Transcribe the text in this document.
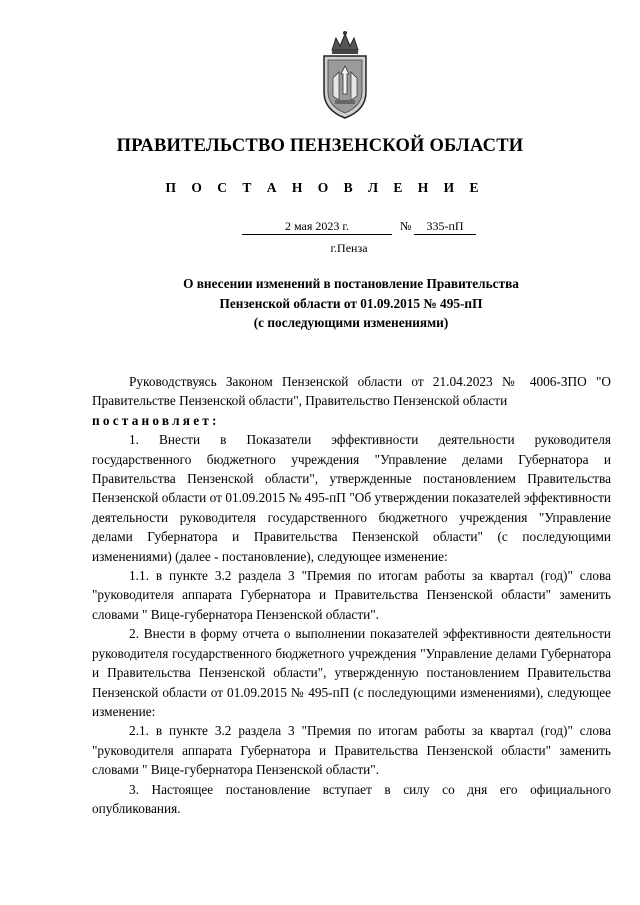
ПРАВИТЕЛЬСТВО ПЕНЗЕНСКОЙ ОБЛАСТИ
П О С Т А Н О В Л Е Н И Е
2 мая 2023 г.	№	335-пП
г.Пенза
О внесении изменений в постановление Правительства
Пензенской области от 01.09.2015 № 495-пП
(с последующими изменениями)

Руководствуясь Законом Пензенской области от 21.04.2023 № 4006-ЗПО "О Правительстве Пензенской области", Правительство Пензенской области

постановляет:

1. Внести в Показатели эффективности деятельности руководителя государственного бюджетного учреждения "Управление делами Губернатора и Правительства Пензенской области", утвержденные постановлением Правительства Пензенской области от 01.09.2015 № 495-пП "Об утверждении показателей эффективности деятельности руководителя государственного бюджетного учреждения "Управление делами Губернатора и Правительства Пензенской области" (с последующими изменениями) (далее - постановление), следующее изменение:

1.1. в пункте 3.2 раздела 3 "Премия по итогам работы за квартал (год)" слова "руководителя аппарата Губернатора и Правительства Пензенской области" заменить словами " Вице-губернатора Пензенской области".

2. Внести в форму отчета о выполнении показателей эффективности деятельности руководителя государственного бюджетного учреждения "Управление делами Губернатора и Правительства Пензенской области", утвержденную постановлением Правительства Пензенской области от 01.09.2015 № 495-пП (с последующими изменениями), следующее изменение:

2.1. в пункте 3.2 раздела 3 "Премия по итогам работы за квартал (год)" слова "руководителя аппарата Губернатора и Правительства Пензенской области" заменить словами " Вице-губернатора Пензенской области".

3. Настоящее постановление вступает в силу со дня его официального опубликования.
